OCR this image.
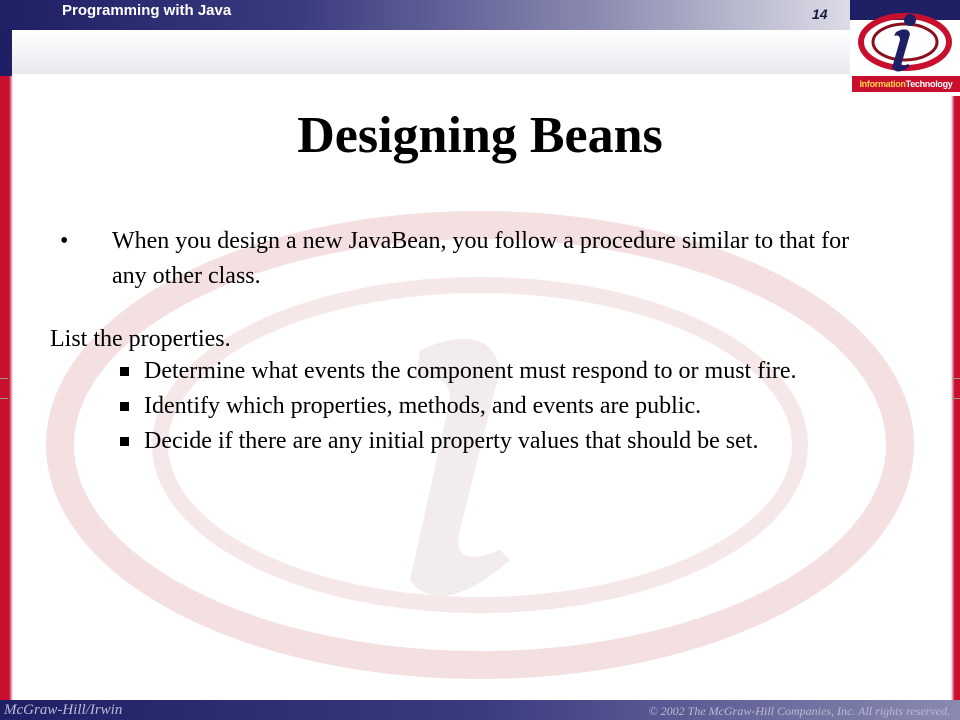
Programming with Java	14
InformationTechnology
Designing Beans
• When you design a new JavaBean, you follow a procedure similar to that for any other class.
List the properties.
Determine what events the component must respond to or must fire.
Identify which properties, methods, and events are public.
Decide if there are any initial property values that should be set.
McGraw-Hill/Irwin	© 2002 The McGraw-Hill Companies, Inc. All rights reserved.
